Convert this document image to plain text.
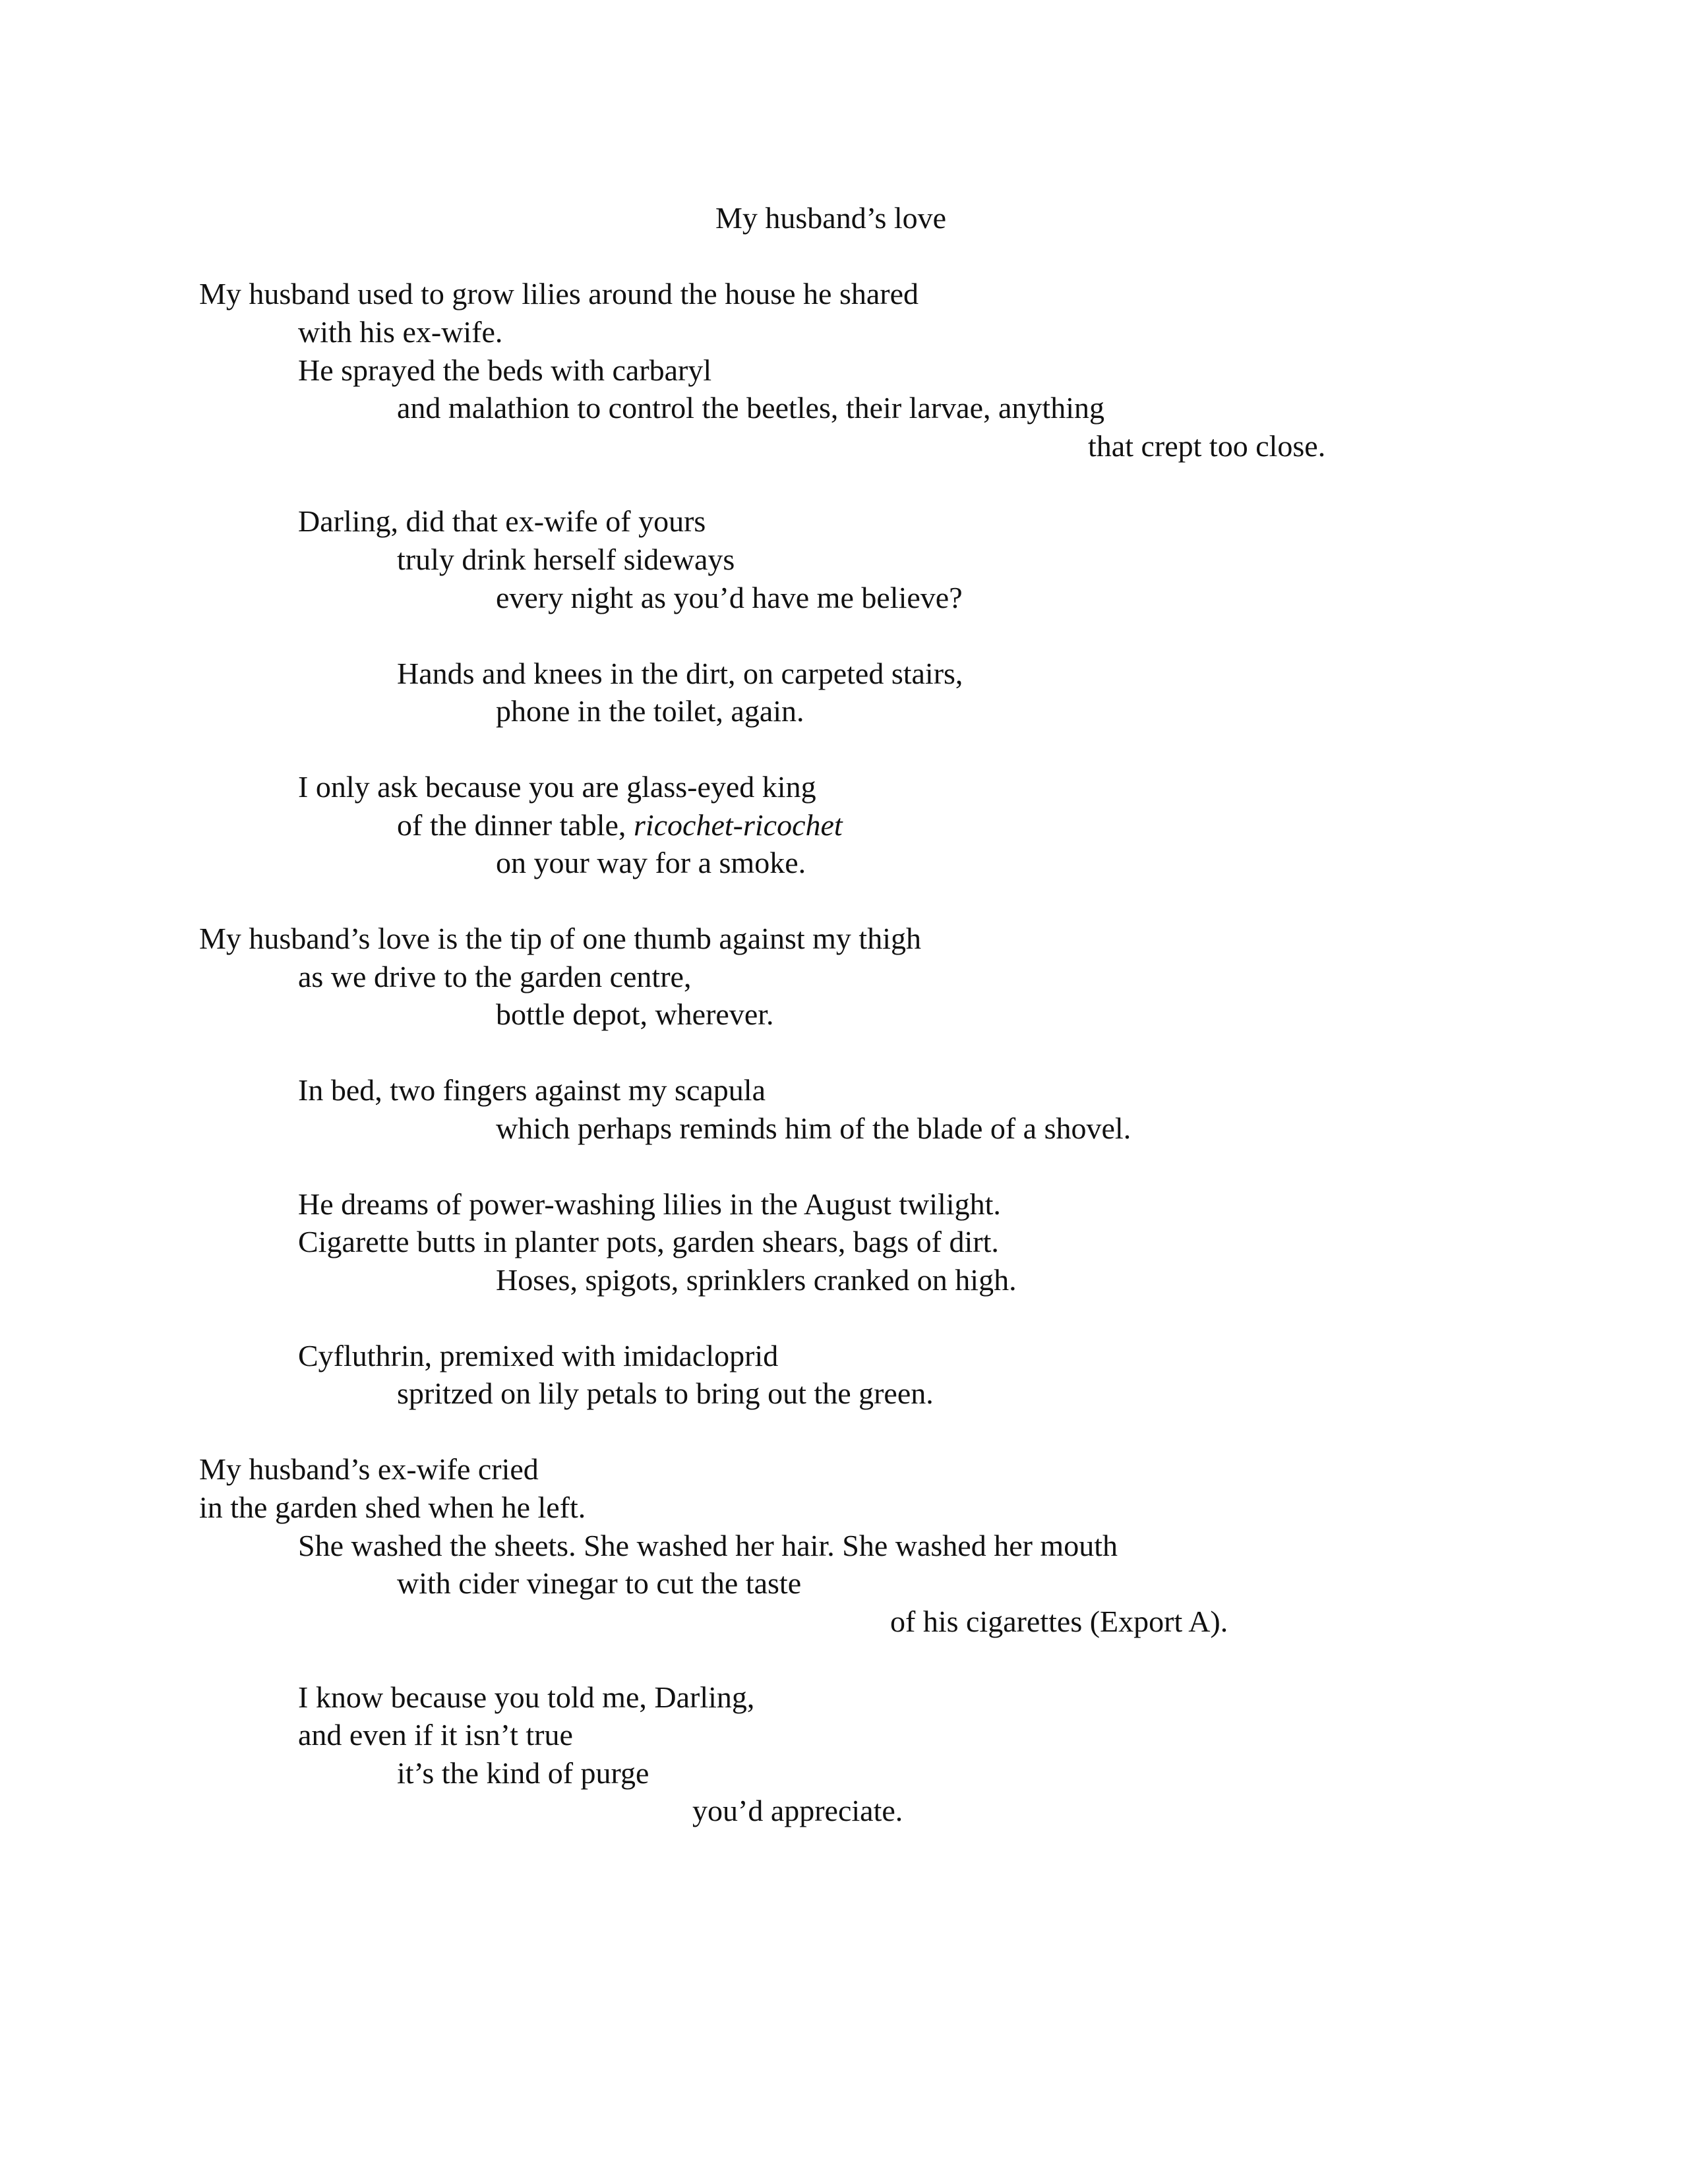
My husband’s love
My husband used to grow lilies around the house he shared
with his ex-wife.
He sprayed the beds with carbaryl
and malathion to control the beetles, their larvae, anything
that crept too close.
Darling, did that ex-wife of yours
truly drink herself sideways
every night as you’d have me believe?
Hands and knees in the dirt, on carpeted stairs,
phone in the toilet, again.
I only ask because you are glass-eyed king
of the dinner table, ricochet-ricochet
on your way for a smoke.
My husband’s love is the tip of one thumb against my thigh
as we drive to the garden centre,
bottle depot, wherever.
In bed, two fingers against my scapula
which perhaps reminds him of the blade of a shovel.
He dreams of power-washing lilies in the August twilight.
Cigarette butts in planter pots, garden shears, bags of dirt.
Hoses, spigots, sprinklers cranked on high.
Cyfluthrin, premixed with imidacloprid
spritzed on lily petals to bring out the green.
My husband’s ex-wife cried
in the garden shed when he left.
She washed the sheets. She washed her hair. She washed her mouth
with cider vinegar to cut the taste
of his cigarettes (Export A).
I know because you told me, Darling,
and even if it isn’t true
it’s the kind of purge
you’d appreciate.
